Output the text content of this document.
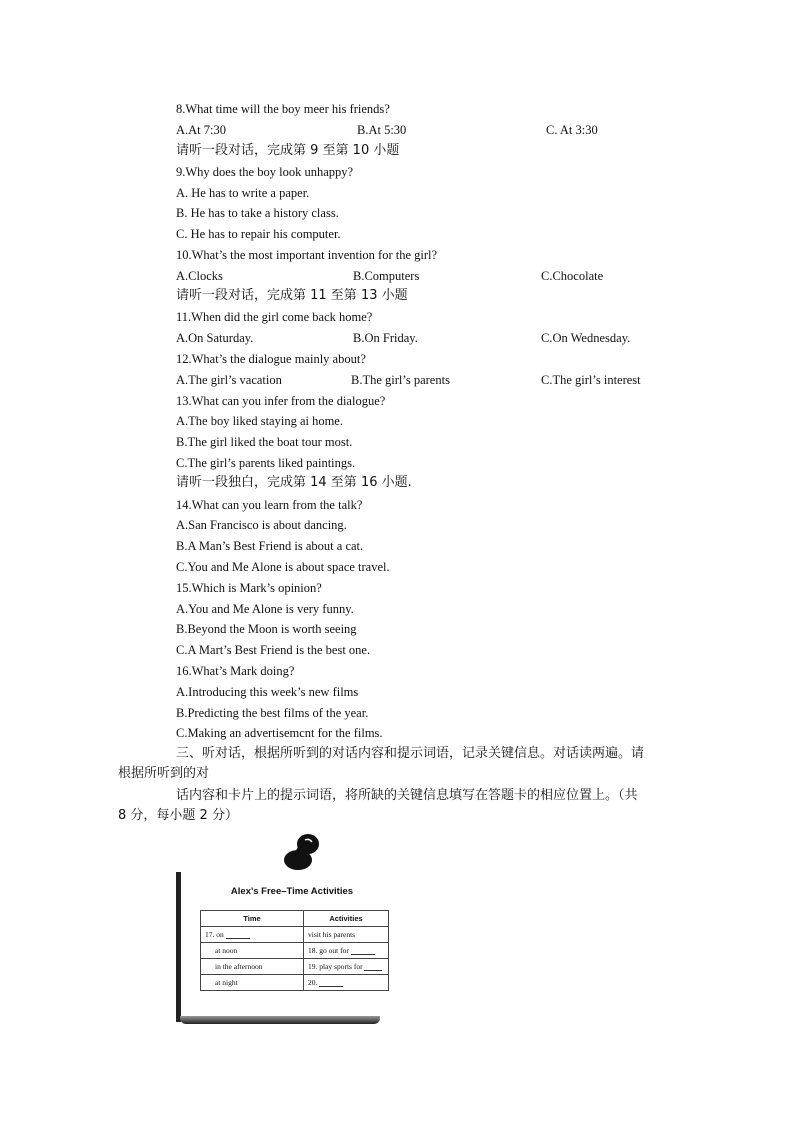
8.What time will the boy meer his friends?
A.At 7:30	B.At 5:30	C. At 3:30
请听一段对话，完成第 9 至第 10 小题
9.Why does the boy look unhappy?
A. He has to write a paper.
B. He has to take a history class.
C. He has to repair his computer.
10.What’s the most important invention for the girl?
A.Clocks	B.Computers	C.Chocolate
请听一段对话，完成第 11 至第 13 小题
11.When did the girl come back home?
A.On Saturday.	B.On Friday.	C.On Wednesday.
12.What’s the dialogue mainly about?
A.The girl’s vacation	B.The girl’s parents	C.The girl’s interest
13.What can you infer from the dialogue?
A.The boy liked staying ai home.
B.The girl liked the boat tour most.
C.The girl’s parents liked paintings.
请听一段独白，完成第 14 至第 16 小题.
14.What can you learn from the talk?
A.San Francisco is about dancing.
B.A Man’s Best Friend is about a cat.
C.You and Me Alone is about space travel.
15.Which is Mark’s opinion?
A.You and Me Alone is very funny.
B.Beyond the Moon is worth seeing
C.A Mart’s Best Friend is the best one.
16.What’s Mark doing?
A.Introducing this week’s new films
B.Predicting the best films of the year.
C.Making an advertisemcnt for the films.
三、听对话，根据所听到的对话内容和提示词语，记录关键信息。对话读两遍。请
根据所听到的对
话内容和卡片上的提示词语，将所缺的关键信息填写在答题卡的相应位置上。（共
8 分，每小题 2 分）
Alex's Free–Time Activities
Time	Activities
17. on	visit his parents
at noon	18. go out for
in the afternoon	19. play sports for
at night	20.
